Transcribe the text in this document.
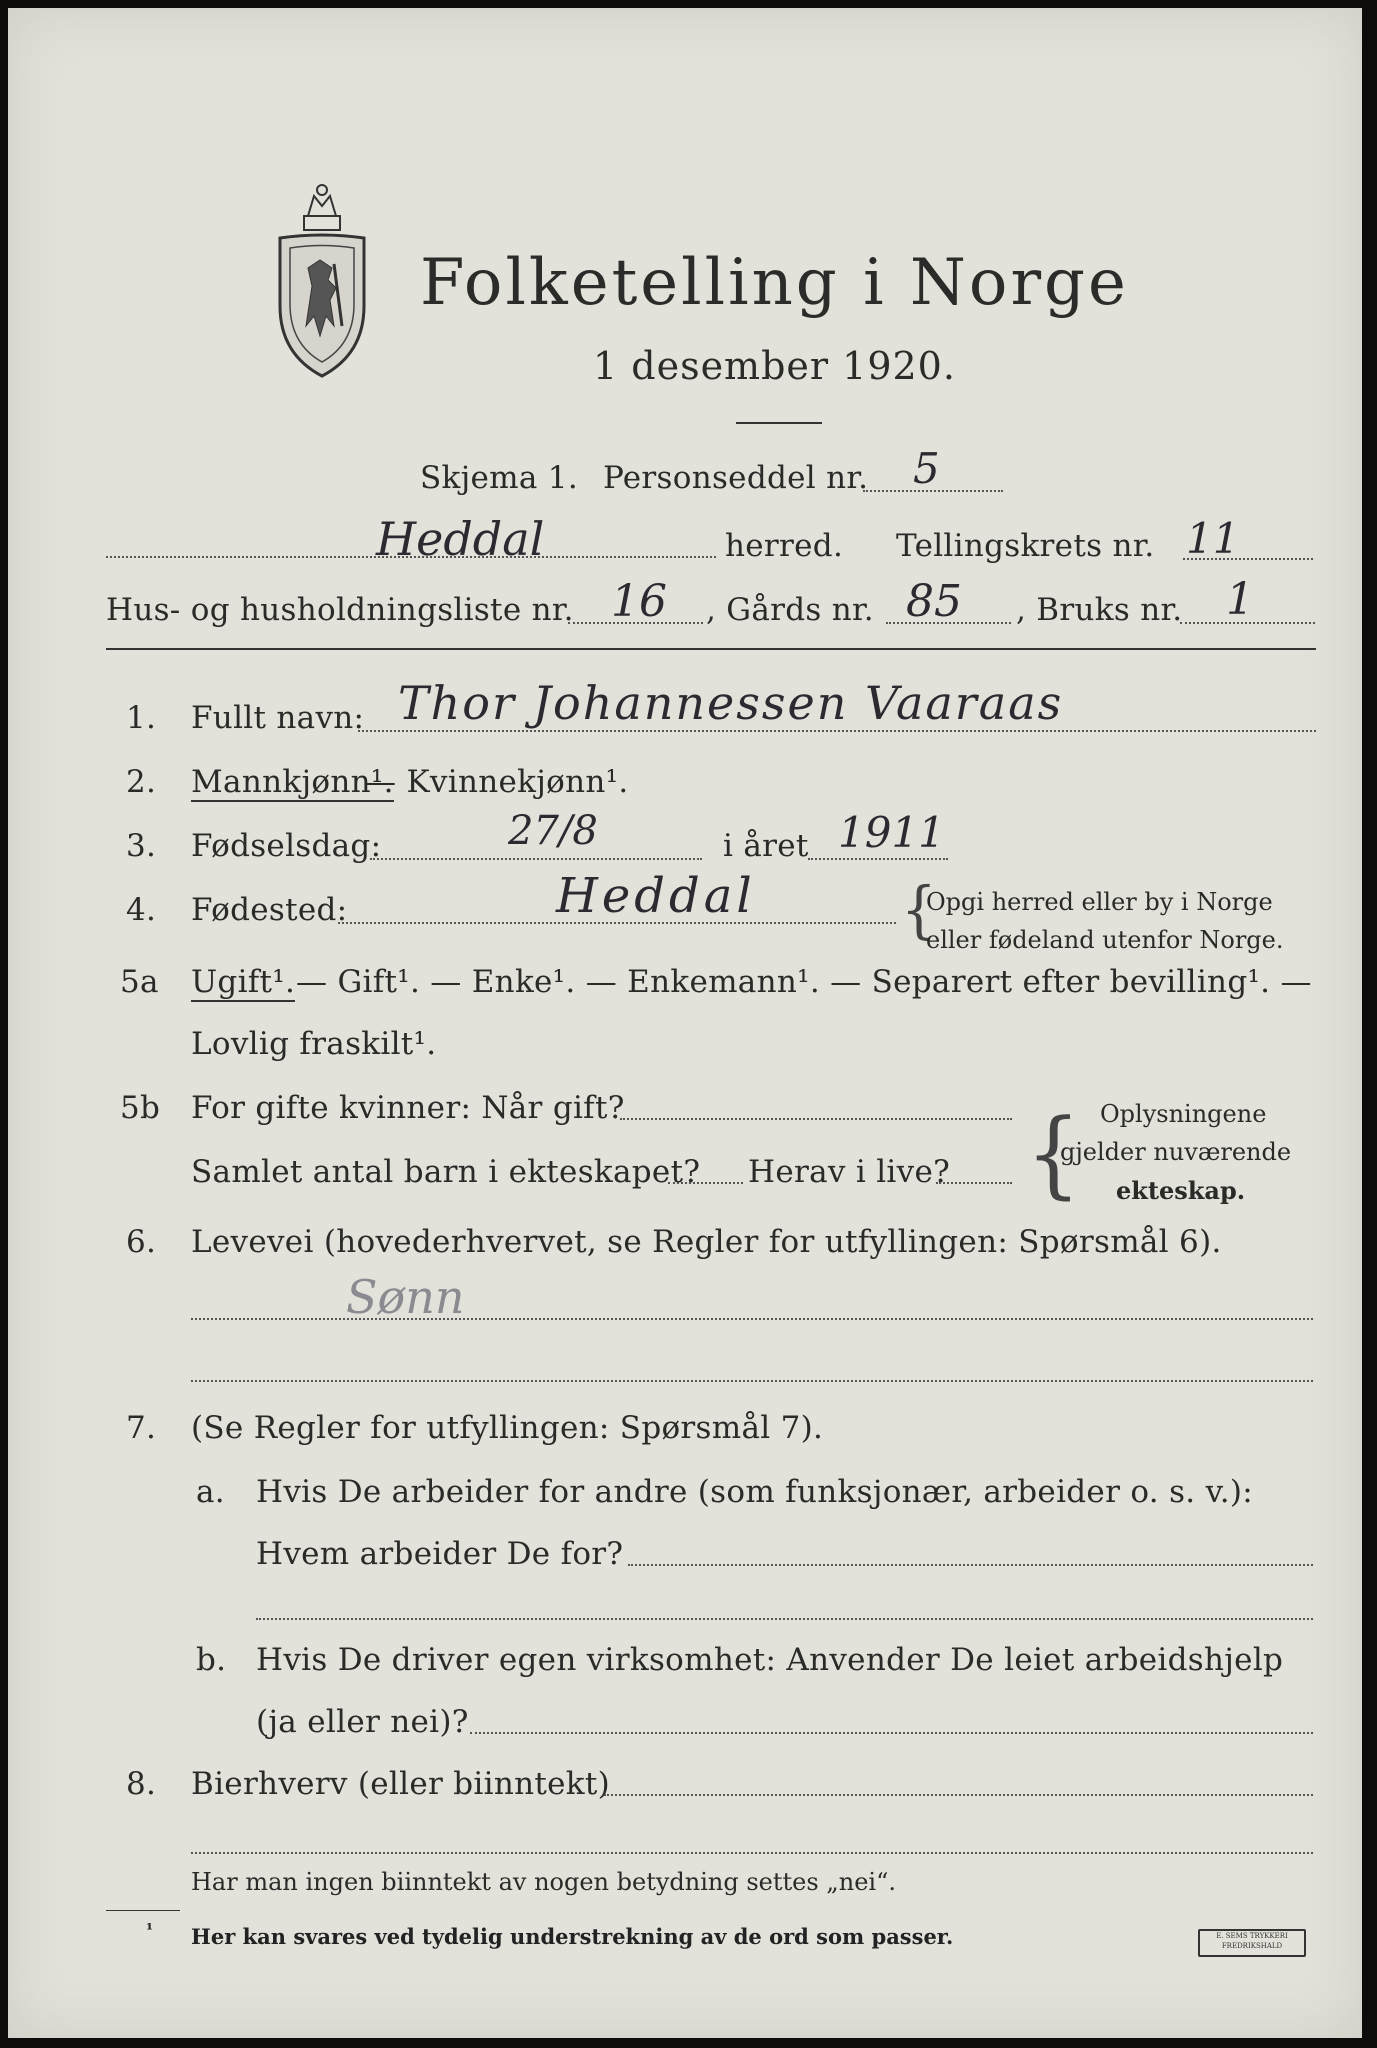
Folketelling i Norge
1 desember 1920.
Skjema 1. Personseddel nr. 5
Heddal	herred. Tellingskrets nr. 11
Hus- og husholdningsliste nr. 16 , Gårds nr. 85 , Bruks nr. 1
1. Fullt navn: Thor Johannessen Vaaraas
2. Mannkjønn¹.
— Kvinnekjønn¹.
3. Fødselsdag:	27/8	i året 1911
4. Fødested:	Heddal	{
Opgi herred eller by i Norge
eller fødeland utenfor Norge.
5a Ugift¹. — Gift¹. — Enke¹. — Enkemann¹. — Separert efter bevilling¹. —
Lovlig fraskilt¹.
5b For gifte kvinner: Når gift?
Samlet antal barn i ekteskapet? Herav i live? { Oplysningene
gjelder nuværende
ekteskap.
6. Levevei (hovederhvervet, se Regler for utfyllingen: Spørsmål 6).
Sønn
7. (Se Regler for utfyllingen: Spørsmål 7).
a. Hvis De arbeider for andre (som funksjonær, arbeider o. s. v.):
Hvem arbeider De for?
b. Hvis De driver egen virksomhet: Anvender De leiet arbeidshjelp
(ja eller nei)?
8. Bierhverv (eller biinntekt)
Har man ingen biinntekt av nogen betydning settes „nei“.
¹ Her kan svares ved tydelig understrekning av de ord som passer.	E. SEMS TRYKKERI FREDRIKSHALD
